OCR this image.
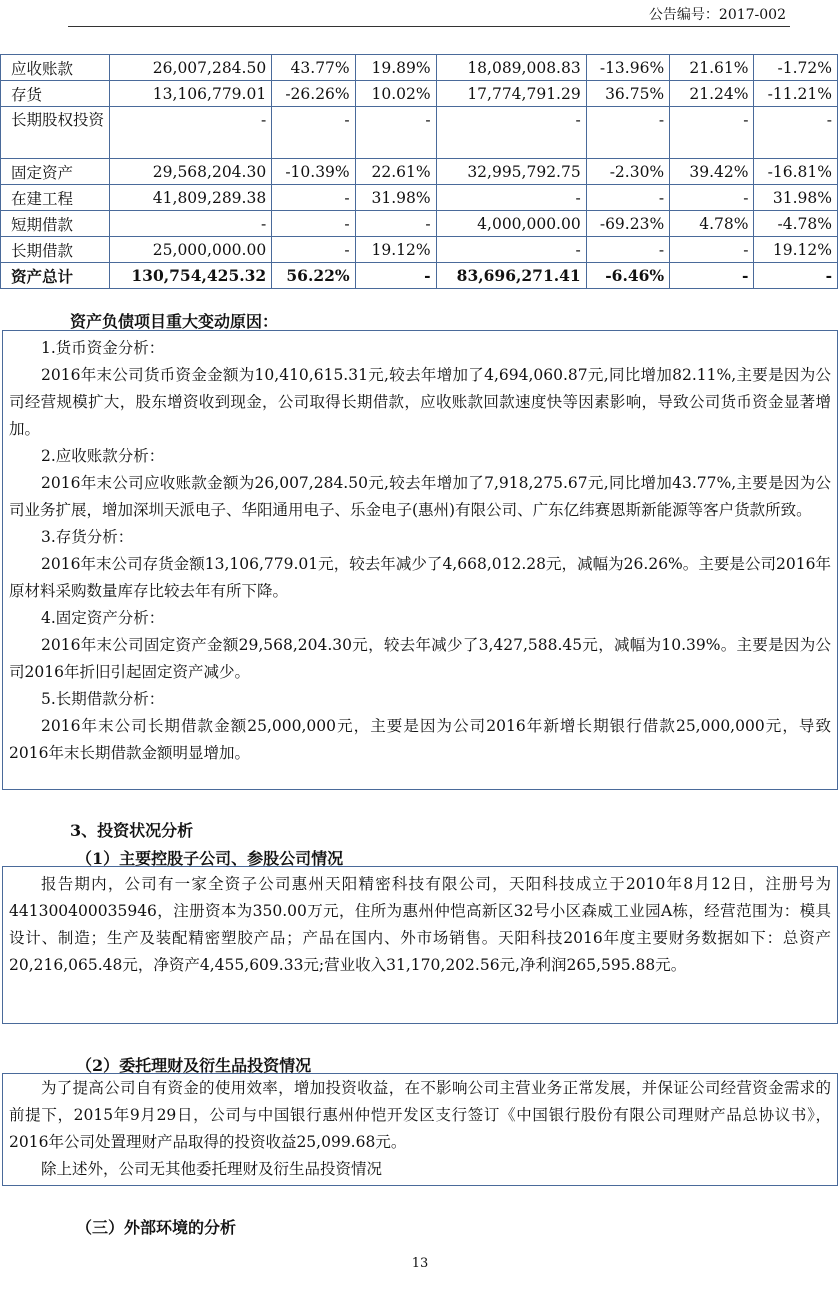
公告编号：2017-002
应收账款	26,007,284.50	43.77%	19.89%	18,089,008.83	-13.96%	21.61%	-1.72%
存货	13,106,779.01	-26.26%	10.02%	17,774,791.29	36.75%	21.24%	-11.21%
长期股权投资	-	-	-	-	-	-	-
固定资产	29,568,204.30	-10.39%	22.61%	32,995,792.75	-2.30%	39.42%	-16.81%
在建工程	41,809,289.38	-	31.98%	-	-	-	31.98%
短期借款	-	-	-	4,000,000.00	-69.23%	4.78%	-4.78%
长期借款	25,000,000.00	-	19.12%	-	-	-	19.12%
资产总计	130,754,425.32	56.22%	-	83,696,271.41	-6.46%	-	-
资产负债项目重大变动原因：

1.货币资金分析：

2016年末公司货币资金金额为10,410,615.31元,较去年增加了4,694,060.87元,同比增加82.11%,主要是因为公司经营规模扩大，股东增资收到现金，公司取得长期借款，应收账款回款速度快等因素影响，导致公司货币资金显著增加。

2.应收账款分析：

2016年末公司应收账款金额为26,007,284.50元,较去年增加了7,918,275.67元,同比增加43.77%,主要是因为公司业务扩展，增加深圳天派电子、华阳通用电子、乐金电子(惠州)有限公司、广东亿纬赛恩斯新能源等客户货款所致。

3.存货分析：

2016年末公司存货金额13,106,779.01元，较去年减少了4,668,012.28元，减幅为26.26%。主要是公司2016年原材料采购数量库存比较去年有所下降。

4.固定资产分析：

2016年末公司固定资产金额29,568,204.30元，较去年减少了3,427,588.45元，减幅为10.39%。主要是因为公司2016年折旧引起固定资产减少。

5.长期借款分析：

2016年末公司长期借款金额25,000,000元，主要是因为公司2016年新增长期银行借款25,000,000元，导致2016年末长期借款金额明显增加。

3、投资状况分析
（1）主要控股子公司、参股公司情况

报告期内，公司有一家全资子公司惠州天阳精密科技有限公司，天阳科技成立于2010年8月12日，注册号为441300400035946，注册资本为350.00万元，住所为惠州仲恺高新区32号小区森威工业园A栋，经营范围为：模具设计、制造；生产及装配精密塑胶产品；产品在国内、外市场销售。天阳科技2016年度主要财务数据如下：总资产20,216,065.48元，净资产4,455,609.33元;营业收入31,170,202.56元,净利润265,595.88元。

（2）委托理财及衍生品投资情况

为了提高公司自有资金的使用效率，增加投资收益，在不影响公司主营业务正常发展，并保证公司经营资金需求的前提下，2015年9月29日，公司与中国银行惠州仲恺开发区支行签订《中国银行股份有限公司理财产品总协议书》，2016年公司处置理财产品取得的投资收益25,099.68元。

除上述外，公司无其他委托理财及衍生品投资情况

（三）外部环境的分析
13
